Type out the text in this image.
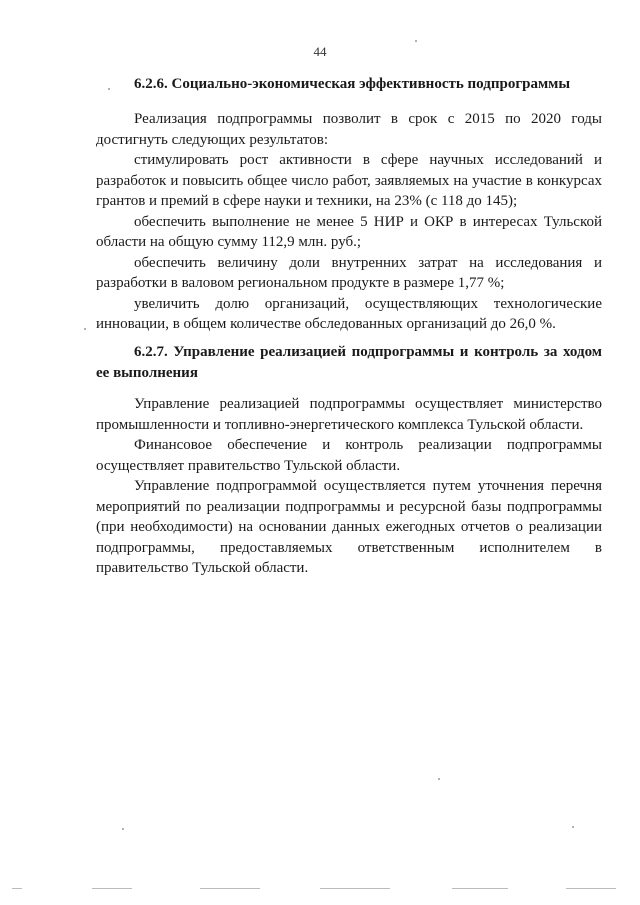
44

6.2.6. Социально-экономическая эффективность подпрограммы

Реализация подпрограммы позволит в срок с 2015 по 2020 годы достигнуть следующих результатов:

стимулировать рост активности в сфере научных исследований и разработок и повысить общее число работ, заявляемых на участие в конкурсах грантов и премий в сфере науки и техники, на 23% (с 118 до 145);

обеспечить выполнение не менее 5 НИР и ОКР в интересах Тульской области на общую сумму 112,9 млн. руб.;

обеспечить величину доли внутренних затрат на исследования и разработки в валовом региональном продукте в размере 1,77 %;

увеличить долю организаций, осуществляющих технологические инновации, в общем количестве обследованных организаций до 26,0 %.

6.2.7. Управление реализацией подпрограммы и контроль за ходом ее выполнения

Управление реализацией подпрограммы осуществляет министерство промышленности и топливно-энергетического комплекса Тульской области.

Финансовое обеспечение и контроль реализации подпрограммы осуществляет правительство Тульской области.

Управление подпрограммой осуществляется путем уточнения перечня мероприятий по реализации подпрограммы и ресурсной базы подпрограммы (при необходимости) на основании данных ежегодных отчетов о реализации подпрограммы, предоставляемых ответственным исполнителем в правительство Тульской области.
